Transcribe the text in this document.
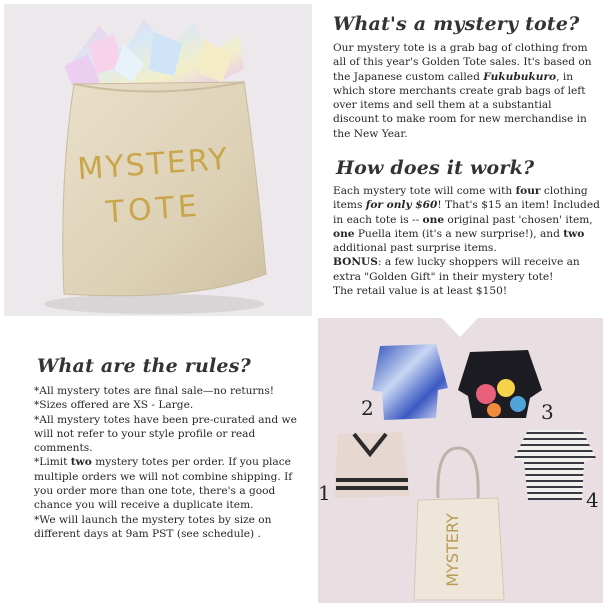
MYSTERY
TOTE
What's a mystery tote?
Our mystery tote is a grab bag of clothing from all of this year's Golden Tote sales. It's based on the Japanese custom called Fukubukuro, in which store merchants create grab bags of left over items and sell them at a substantial discount to make room for new merchandise in the New Year.
How does it work?
Each mystery tote will come with four clothing items for only $60! That's $15 an item! Included in each tote is -- one original past 'chosen' item, one Puella item (it's a new surprise!), and two additional past surprise items.
BONUS: a few lucky shoppers will receive an extra "Golden Gift" in their mystery tote!
The retail value is at least $150!
MYSTERY
1
2	3
4
What are the rules?

*All mystery totes are final sale—no returns!

*Sizes offered are XS - Large.

*All mystery totes have been pre-curated and we will not refer to your style profile or read comments.

*Limit two mystery totes per order. If you place multiple orders we will not combine shipping. If you order more than one tote, there's a good chance you will receive a duplicate item.

*We will launch the mystery totes by size on different days at 9am PST (see schedule) .
